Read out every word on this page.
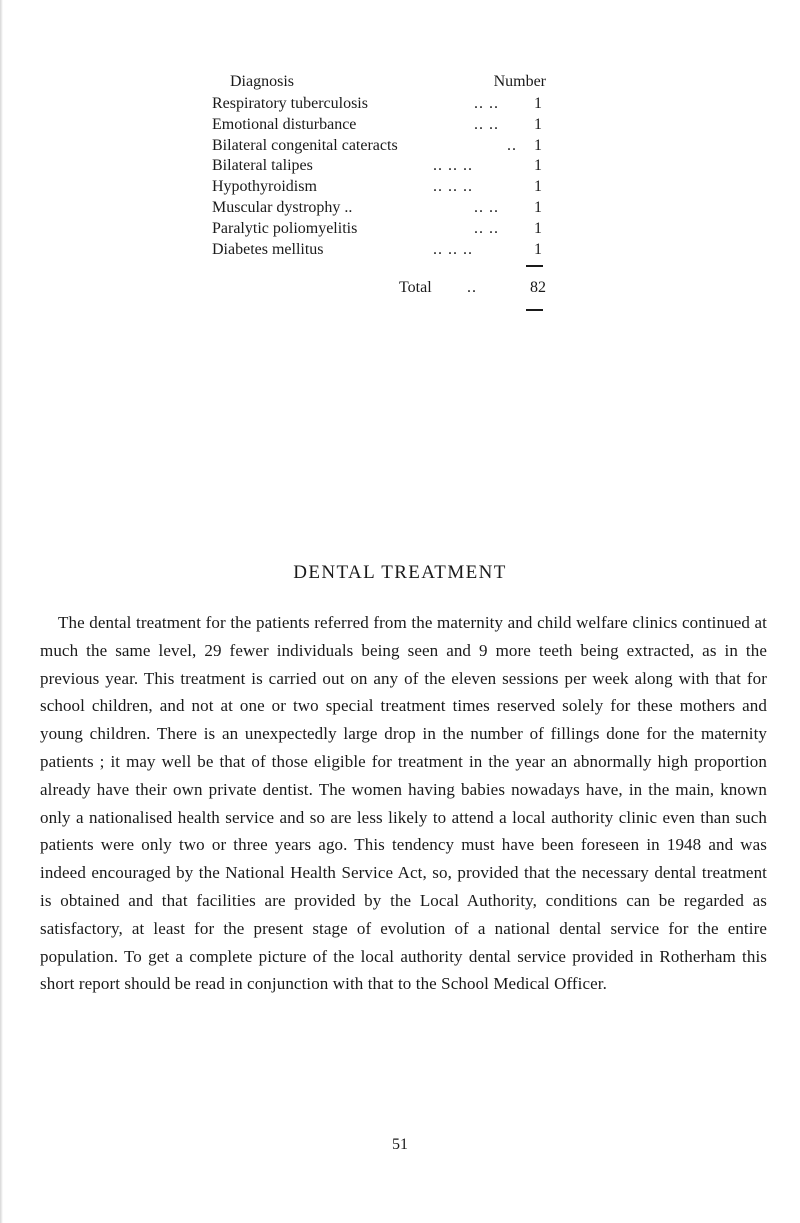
Diagnosis	Number
Respiratory tuberculosis	.. .. 1
Emotional disturbance	.. .. 1
Bilateral congenital cateracts	.. 1
Bilateral talipes	.. .. ..	1
Hypothyroidism	.. .. ..	1
Muscular dystrophy ..	.. .. 1
Paralytic poliomyelitis	.. .. 1
Diabetes mellitus	.. .. ..	1
Total ..	82
DENTAL TREATMENT

The dental treatment for the patients referred from the maternity and child welfare clinics continued at much the same level, 29 fewer individuals being seen and 9 more teeth being extracted, as in the previous year. This treatment is carried out on any of the eleven sessions per week along with that for school children, and not at one or two special treatment times reserved solely for these mothers and young children. There is an unexpectedly large drop in the number of fillings done for the maternity patients ; it may well be that of those eligible for treatment in the year an abnormally high proportion already have their own private dentist. The women having babies nowadays have, in the main, known only a nationalised health service and so are less likely to attend a local authority clinic even than such patients were only two or three years ago. This tendency must have been foreseen in 1948 and was indeed encouraged by the National Health Service Act, so, provided that the necessary dental treatment is obtained and that facilities are provided by the Local Authority, conditions can be regarded as satisfactory, at least for the present stage of evolution of a national dental service for the entire population. To get a complete picture of the local authority dental service provided in Rotherham this short report should be read in conjunction with that to the School Medical Officer.

51
